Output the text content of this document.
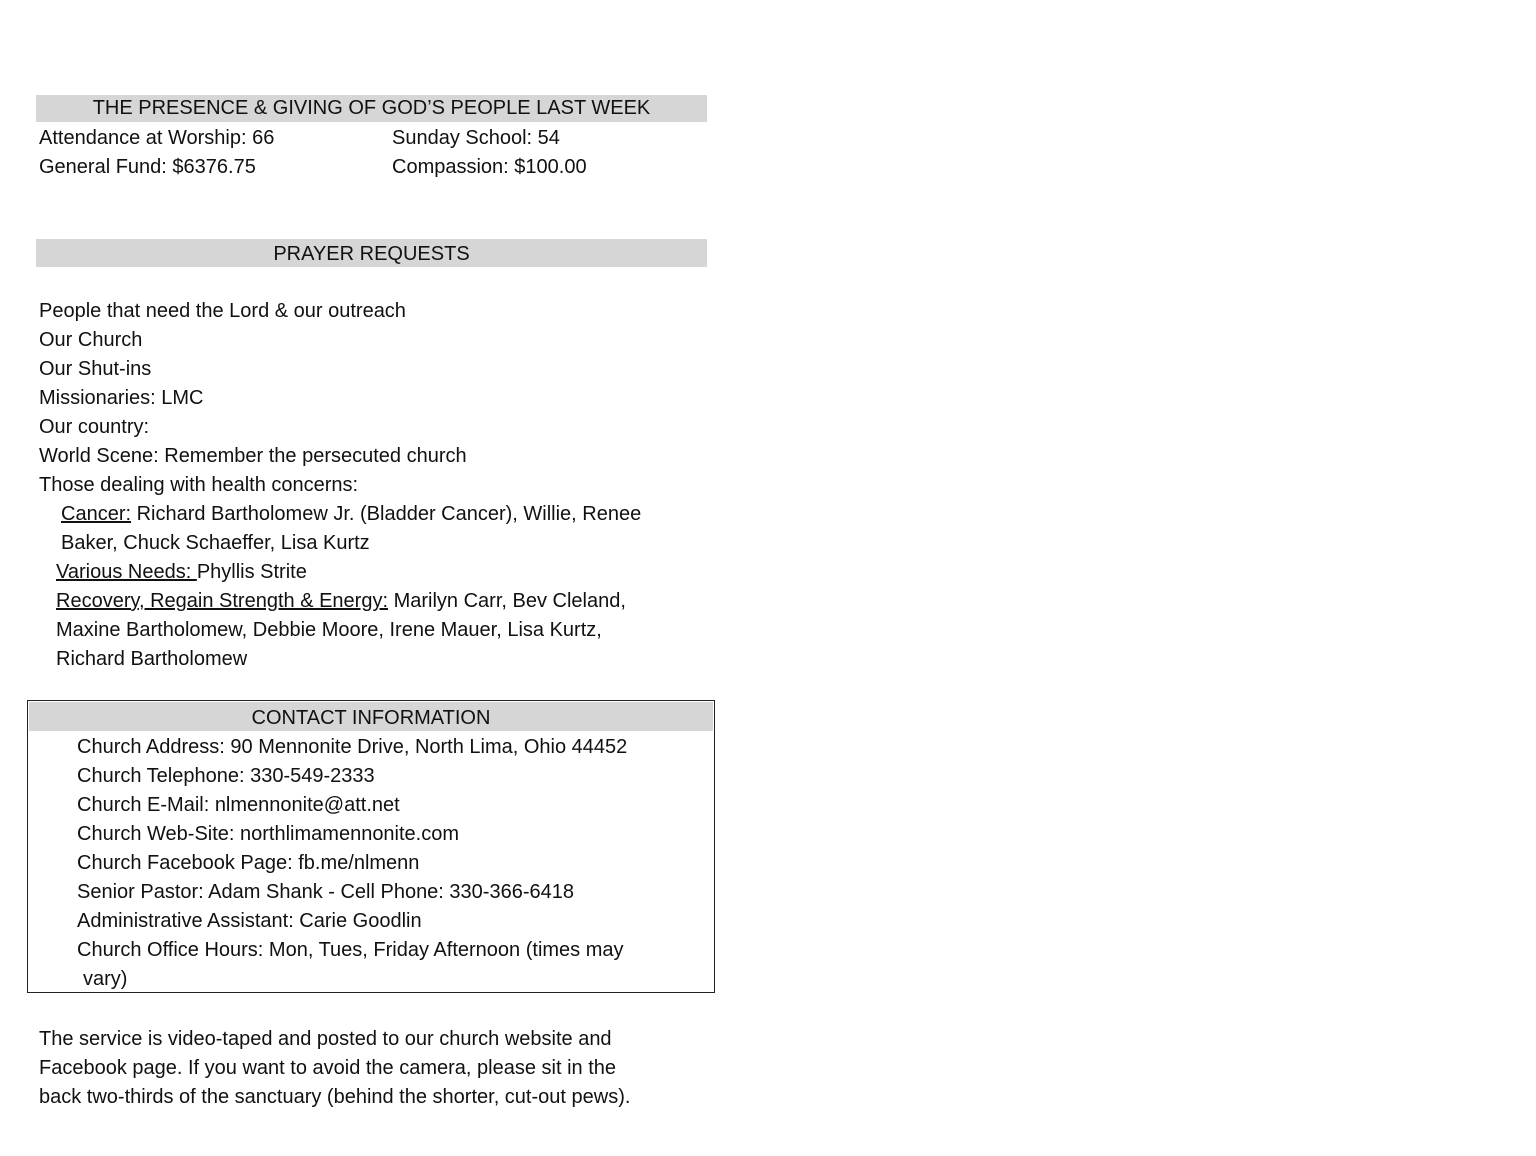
THE PRESENCE & GIVING OF GOD’S PEOPLE LAST WEEK
Attendance at Worship: 66	Sunday School: 54
General Fund: $6376.75	Compassion: $100.00
PRAYER REQUESTS
People that need the Lord & our outreach
Our Church
Our Shut-ins
Missionaries: LMC
Our country:
World Scene: Remember the persecuted church
Those dealing with health concerns:
Cancer: Richard Bartholomew Jr. (Bladder Cancer), Willie, Renee
Baker, Chuck Schaeffer, Lisa Kurtz
Various Needs: Phyllis Strite
Recovery, Regain Strength & Energy: Marilyn Carr, Bev Cleland,
Maxine Bartholomew, Debbie Moore, Irene Mauer, Lisa Kurtz,
Richard Bartholomew
CONTACT INFORMATION
Church Address: 90 Mennonite Drive, North Lima, Ohio 44452
Church Telephone: 330-549-2333
Church E-Mail: nlmennonite@att.net
Church Web-Site: northlimamennonite.com
Church Facebook Page: fb.me/nlmenn
Senior Pastor: Adam Shank - Cell Phone: 330-366-6418
Administrative Assistant: Carie Goodlin
Church Office Hours: Mon, Tues, Friday Afternoon (times may
vary)
The service is video-taped and posted to our church website and
Facebook page. If you want to avoid the camera, please sit in the
back two-thirds of the sanctuary (behind the shorter, cut-out pews).
